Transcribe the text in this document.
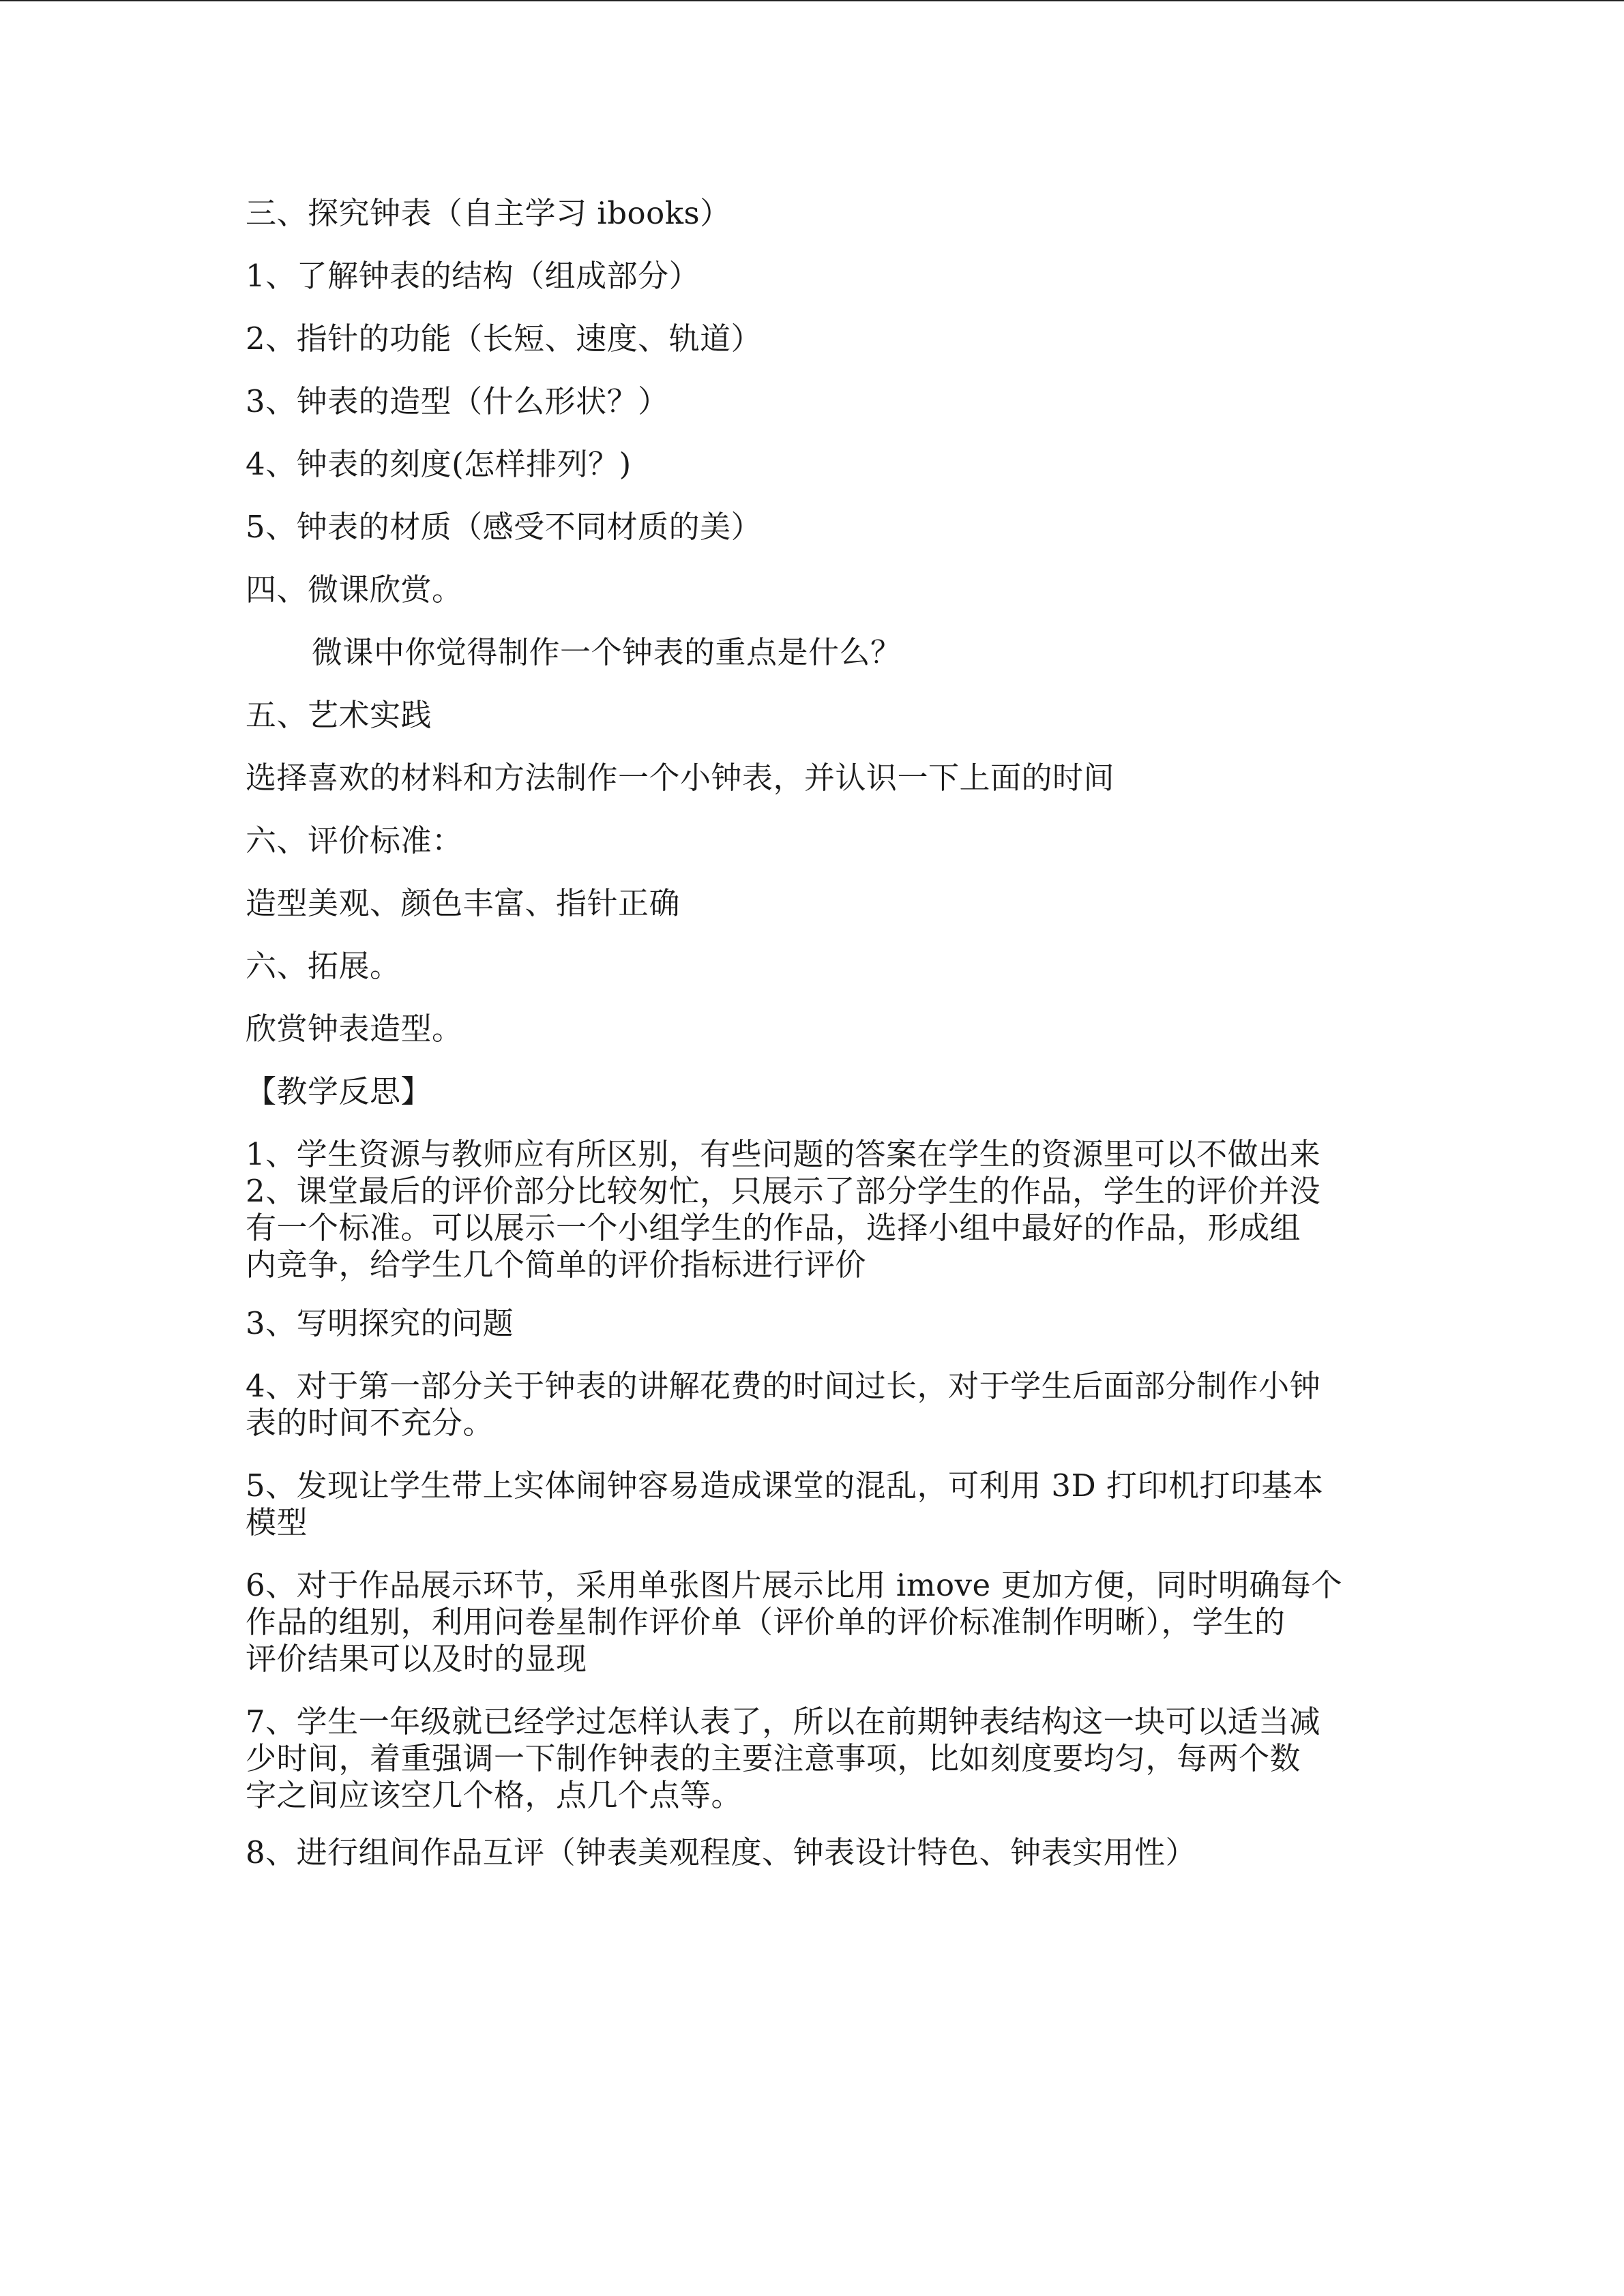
三、探究钟表（自主学习 ibooks）

1、了解钟表的结构（组成部分）

2、指针的功能（长短、速度、轨道）

3、钟表的造型（什么形状？）

4、钟表的刻度(怎样排列？)

5、钟表的材质（感受不同材质的美）

四、微课欣赏。

微课中你觉得制作一个钟表的重点是什么？

五、艺术实践

选择喜欢的材料和方法制作一个小钟表，并认识一下上面的时间

六、评价标准：

造型美观、颜色丰富、指针正确

六、拓展。

欣赏钟表造型。

【教学反思】

1、学生资源与教师应有所区别，有些问题的答案在学生的资源里可以不做出来

2、课堂最后的评价部分比较匆忙，只展示了部分学生的作品，学生的评价并没

有一个标准。可以展示一个小组学生的作品，选择小组中最好的作品，形成组

内竞争，给学生几个简单的评价指标进行评价

3、写明探究的问题

4、对于第一部分关于钟表的讲解花费的时间过长，对于学生后面部分制作小钟

表的时间不充分。

5、发现让学生带上实体闹钟容易造成课堂的混乱，可利用 3D 打印机打印基本

模型

6、对于作品展示环节，采用单张图片展示比用 imove 更加方便，同时明确每个

作品的组别，利用问卷星制作评价单（评价单的评价标准制作明晰），学生的

评价结果可以及时的显现

7、学生一年级就已经学过怎样认表了，所以在前期钟表结构这一块可以适当减

少时间，着重强调一下制作钟表的主要注意事项，比如刻度要均匀，每两个数

字之间应该空几个格，点几个点等。

8、进行组间作品互评（钟表美观程度、钟表设计特色、钟表实用性）
